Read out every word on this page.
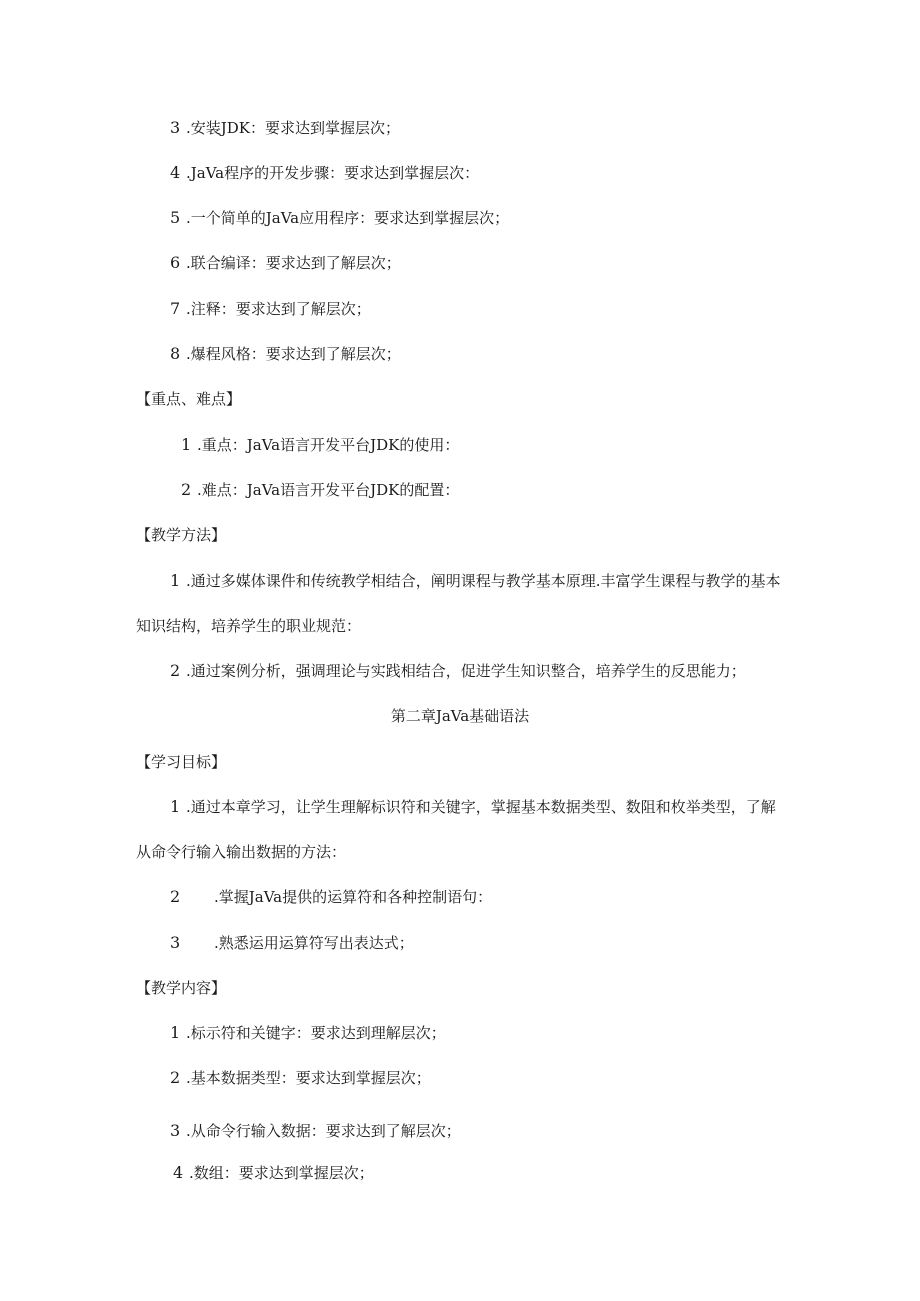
3 .安装JDK：要求达到掌握层次；
4 .JaVa程序的开发步骤：要求达到掌握层次：
5 .一个简单的JaVa应用程序：要求达到掌握层次；
6 .联合编译：要求达到了解层次；
7 .注释：要求达到了解层次；
8 .爆程风格：要求达到了解层次；
【重点、难点】
1 .重点：JaVa语言开发平台JDK的使用：
2 .难点：JaVa语言开发平台JDK的配置：
【教学方法】
1 .通过多媒体课件和传统教学相结合，阐明课程与教学基本原理.丰富学生课程与教学的基本
知识结构，培养学生的职业规范：
2 .通过案例分析，强调理论与实践相结合，促进学生知识整合，培养学生的反思能力；
第二章JaVa基础语法
【学习目标】
1 .通过本章学习，让学生理解标识符和关键字，掌握基本数据类型、数阻和枚举类型，了解
从命令行输入输出数据的方法：
2 .掌握JaVa提供的运算符和各种控制语句：
3 .熟悉运用运算符写出表达式；
【教学内容】
1 .标示符和关键字：要求达到理解层次；
2 .基本数据类型：要求达到掌握层次；
3 .从命令行输入数据：要求达到了解层次；
4 .数组：要求达到掌握层次；
